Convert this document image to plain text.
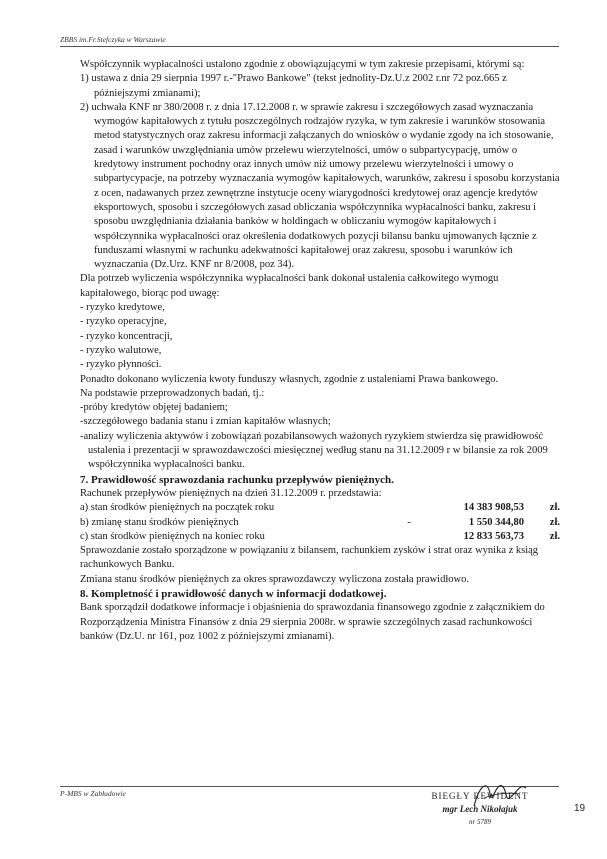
ZBBS im.Fr.Stefczyka w Warszawie

Współczynnik wypłacalności ustalono zgodnie z obowiązującymi w tym zakresie przepisami, którymi są:

1) ustawa z dnia 29 sierpnia 1997 r.-"Prawo Bankowe" (tekst jednolity-Dz.U.z 2002 r.nr 72 poz.665 z późniejszymi zmianami);

2) uchwała KNF nr 380/2008 r. z dnia 17.12.2008 r. w sprawie zakresu i szczegółowych zasad wyznaczania wymogów kapitałowych z tytułu poszczególnych rodzajów ryzyka, w tym zakresie i warunków stosowania metod statystycznych oraz zakresu informacji załączanych do wniosków o wydanie zgody na ich stosowanie, zasad i warunków uwzględniania umów przelewu wierzytelności, umów o subpartycypację, umów o kredytowy instrument pochodny oraz innych umów niż umowy przelewu wierzytelności i umowy o subpartycypacje, na potrzeby wyznaczania wymogów kapitałowych, warunków, zakresu i sposobu korzystania z ocen, nadawanych przez zewnętrzne instytucje oceny wiarygodności kredytowej oraz agencje kredytów eksportowych, sposobu i szczegółowych zasad obliczania współczynnika wypłacalności banku, zakresu i sposobu uwzględniania działania banków w holdingach w obliczaniu wymogów kapitałowych i współczynnika wypłacalności oraz określenia dodatkowych pozycji bilansu banku ujmowanych łącznie z funduszami własnymi w rachunku adekwatności kapitałowej oraz zakresu, sposobu i warunków ich wyznaczania (Dz.Urz. KNF nr 8/2008, poz 34).

Dla potrzeb wyliczenia współczynnika wypłacalności bank dokonał ustalenia całkowitego wymogu kapitałowego, biorąc pod uwagę:

- ryzyko kredytowe,

- ryzyko operacyjne,

- ryzyko koncentracji,

- ryzyko walutowe,

- ryzyko płynności.

Ponadto dokonano wyliczenia kwoty funduszy własnych, zgodnie z ustaleniami Prawa bankowego.

Na podstawie przeprowadzonych badań, tj.:

-próby kredytów objętej badaniem;

-szczegółowego badania stanu i zmian kapitałów własnych;

-analizy wyliczenia aktywów i zobowiązań pozabilansowych ważonych ryzykiem stwierdza się prawidłowość ustalenia i prezentacji w sprawozdawczości miesięcznej według stanu na 31.12.2009 r w bilansie za rok 2009 współczynnika wypłacalności banku.

7. Prawidłowość sprawozdania rachunku przepływów pieniężnych.

Rachunek przepływów pieniężnych na dzień 31.12.2009 r. przedstawia:

a) stan środków pieniężnych na początek roku	14 383 908,53	zł.
b) zmianę stanu środków pieniężnych	-	1 550 344,80	zł.
c) stan środków pieniężnych na koniec roku	12 833 563,73	zł.

Sprawozdanie zostało sporządzone w powiązaniu z bilansem, rachunkiem zysków i strat oraz wynika z ksiąg rachunkowych Banku.

Zmiana stanu środków pieniężnych za okres sprawozdawczy wyliczona została prawidłowo.

8. Kompletność i prawidłowość danych w informacji dodatkowej.

Bank sporządził dodatkowe informacje i objaśnienia do sprawozdania finansowego zgodnie z załącznikiem do Rozporządzenia Ministra Finansów z dnia 29 sierpnia 2008r. w sprawie szczególnych zasad rachunkowości banków (Dz.U. nr 161, poz 1002 z późniejszymi zmianami).

P-MBS w Zabłudowie	BIEGŁY REWIDENT
mgr Lech Nikołajuk
nr 5789
19
